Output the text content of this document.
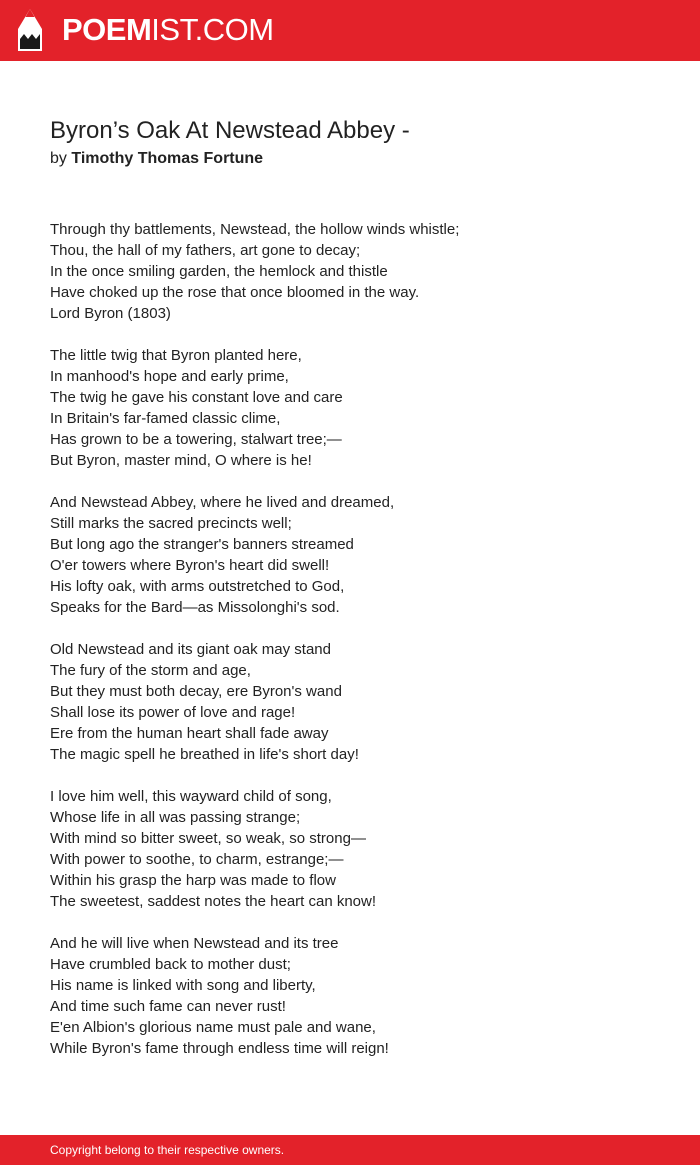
POEMIST.COM
Byron’s Oak At Newstead Abbey -
by Timothy Thomas Fortune
Through thy battlements, Newstead, the hollow winds whistle;
Thou, the hall of my fathers, art gone to decay;
In the once smiling garden, the hemlock and thistle
Have choked up the rose that once bloomed in the way.
Lord Byron (1803)
The little twig that Byron planted here,
In manhood's hope and early prime,
The twig he gave his constant love and care
In Britain's far-famed classic clime,
Has grown to be a towering, stalwart tree;—
But Byron, master mind, O where is he!
And Newstead Abbey, where he lived and dreamed,
Still marks the sacred precincts well;
But long ago the stranger's banners streamed
O'er towers where Byron's heart did swell!
His lofty oak, with arms outstretched to God,
Speaks for the Bard—as Missolonghi's sod.
Old Newstead and its giant oak may stand
The fury of the storm and age,
But they must both decay, ere Byron's wand
Shall lose its power of love and rage!
Ere from the human heart shall fade away
The magic spell he breathed in life's short day!
I love him well, this wayward child of song,
Whose life in all was passing strange;
With mind so bitter sweet, so weak, so strong—
With power to soothe, to charm, estrange;—
Within his grasp the harp was made to flow
The sweetest, saddest notes the heart can know!
And he will live when Newstead and its tree
Have crumbled back to mother dust;
His name is linked with song and liberty,
And time such fame can never rust!
E'en Albion's glorious name must pale and wane,
While Byron's fame through endless time will reign!
Copyright belong to their respective owners.
